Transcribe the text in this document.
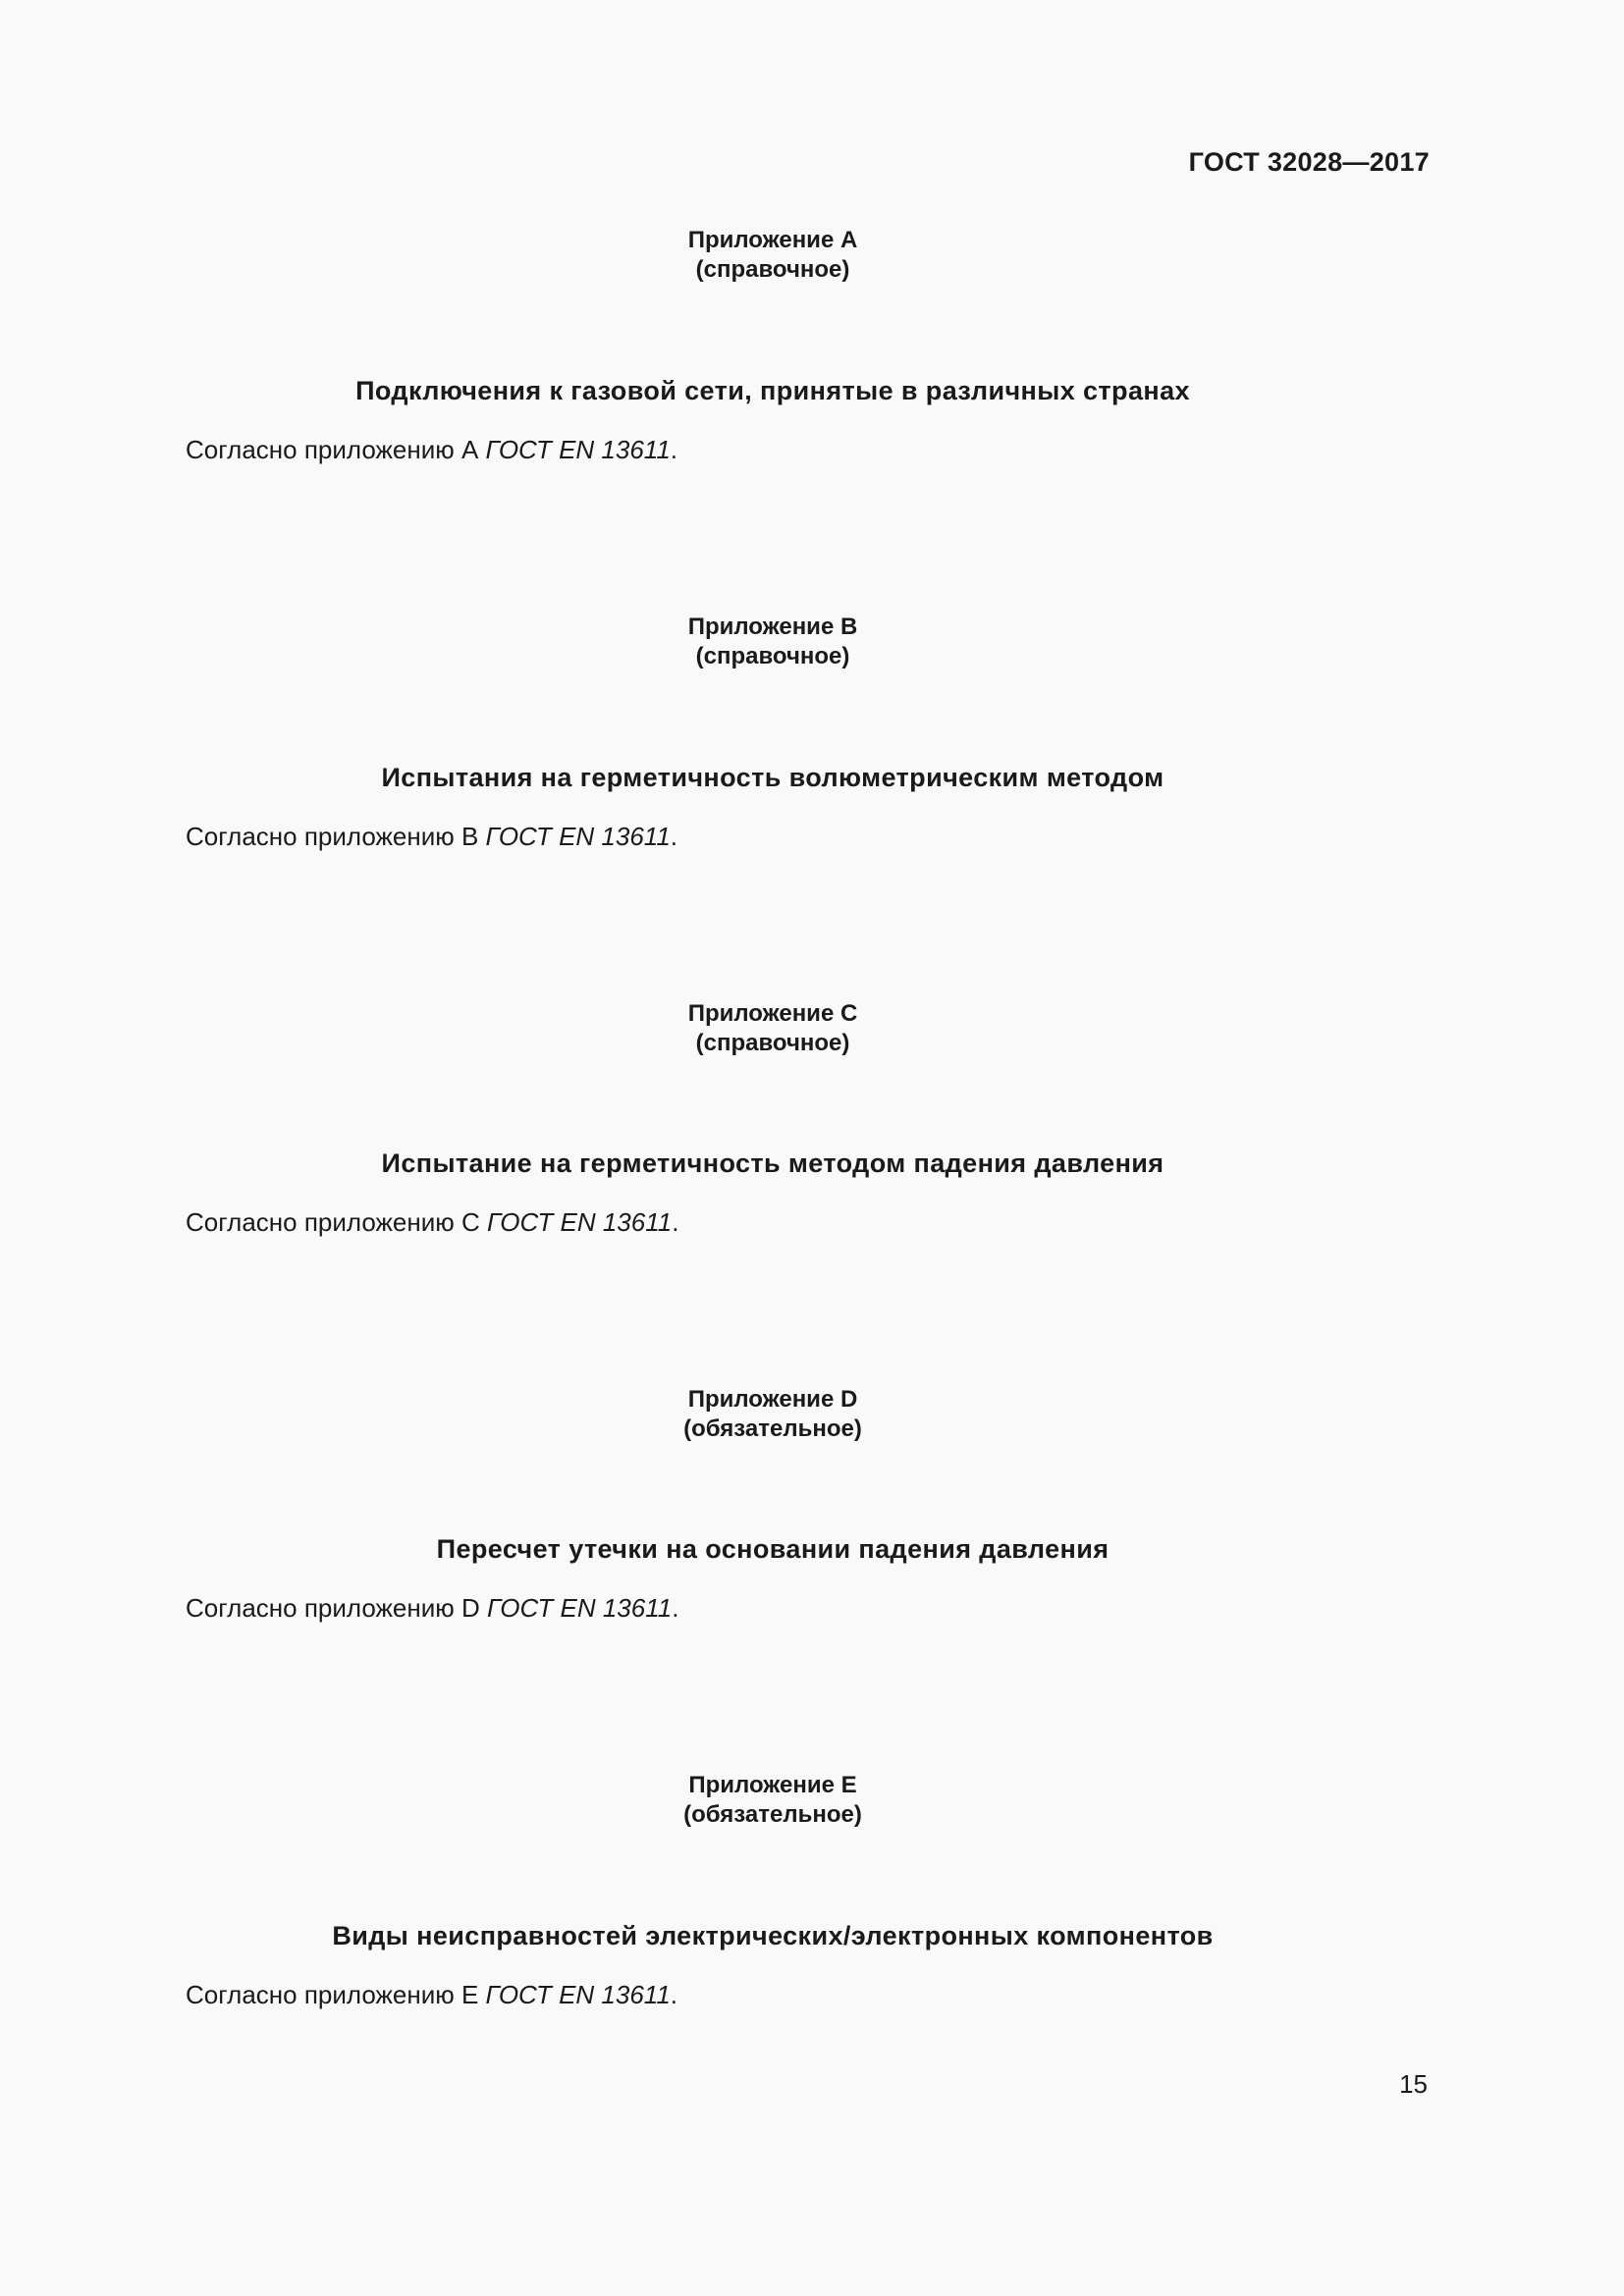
ГОСТ 32028—2017

Приложение А
(справочное)
Подключения к газовой сети, принятые в различных странах

Согласно приложению А ГОСТ EN 13611.

Приложение В
(справочное)
Испытания на герметичность волюметрическим методом

Согласно приложению В ГОСТ EN 13611.

Приложение С
(справочное)
Испытание на герметичность методом падения давления

Согласно приложению С ГОСТ EN 13611.

Приложение D
(обязательное)
Пересчет утечки на основании падения давления

Согласно приложению D ГОСТ EN 13611.

Приложение Е
(обязательное)
Виды неисправностей электрических/электронных компонентов

Согласно приложению Е ГОСТ EN 13611.

15
